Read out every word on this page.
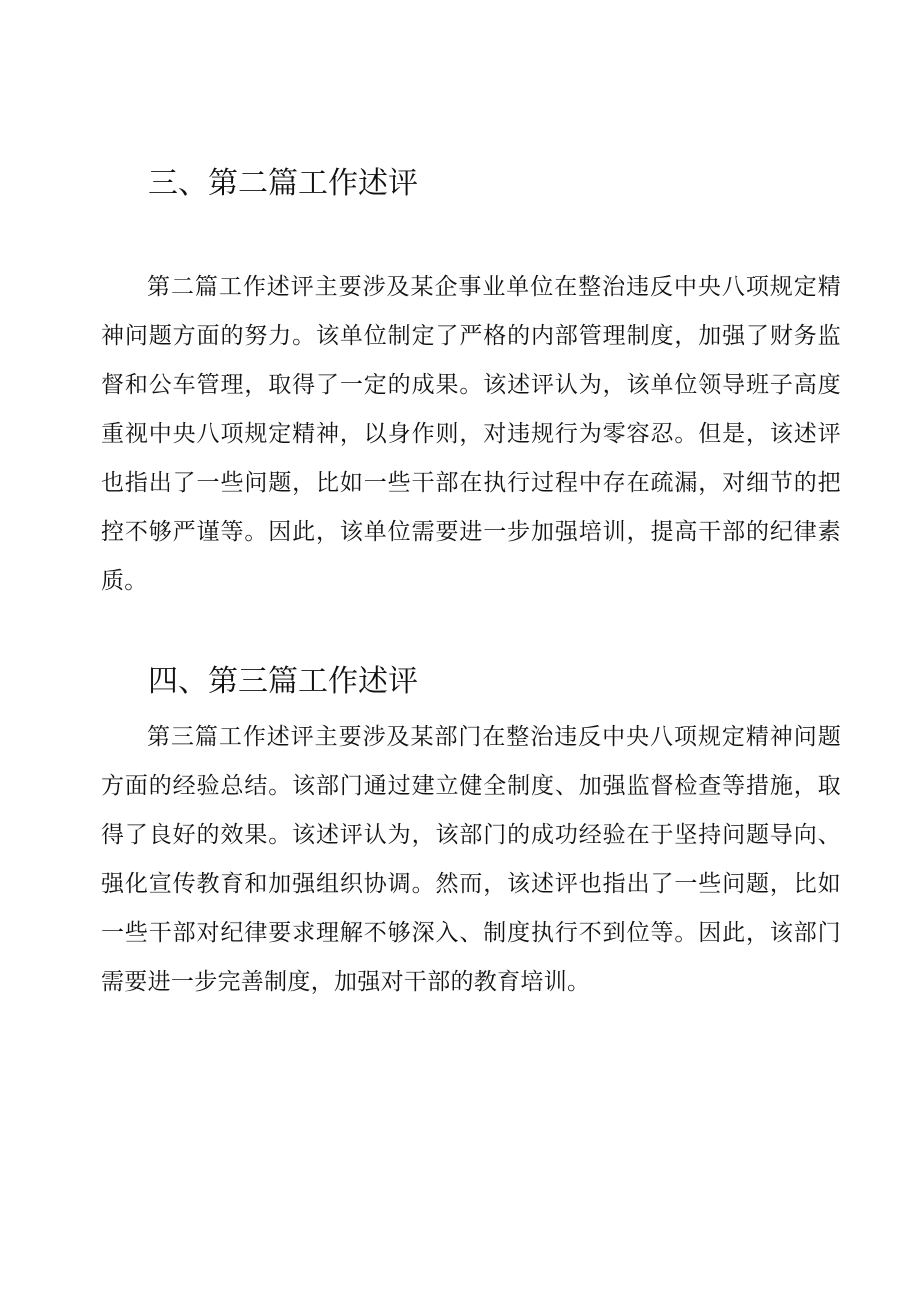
三、第二篇工作述评

第二篇工作述评主要涉及某企事业单位在整治违反中央八项规定精神问题方面的努力。该单位制定了严格的内部管理制度，加强了财务监督和公车管理，取得了一定的成果。该述评认为，该单位领导班子高度重视中央八项规定精神，以身作则，对违规行为零容忍。但是，该述评也指出了一些问题，比如一些干部在执行过程中存在疏漏，对细节的把控不够严谨等。因此，该单位需要进一步加强培训，提高干部的纪律素质。

四、第三篇工作述评

第三篇工作述评主要涉及某部门在整治违反中央八项规定精神问题方面的经验总结。该部门通过建立健全制度、加强监督检查等措施，取得了良好的效果。该述评认为，该部门的成功经验在于坚持问题导向、强化宣传教育和加强组织协调。然而，该述评也指出了一些问题，比如一些干部对纪律要求理解不够深入、制度执行不到位等。因此，该部门需要进一步完善制度，加强对干部的教育培训。
